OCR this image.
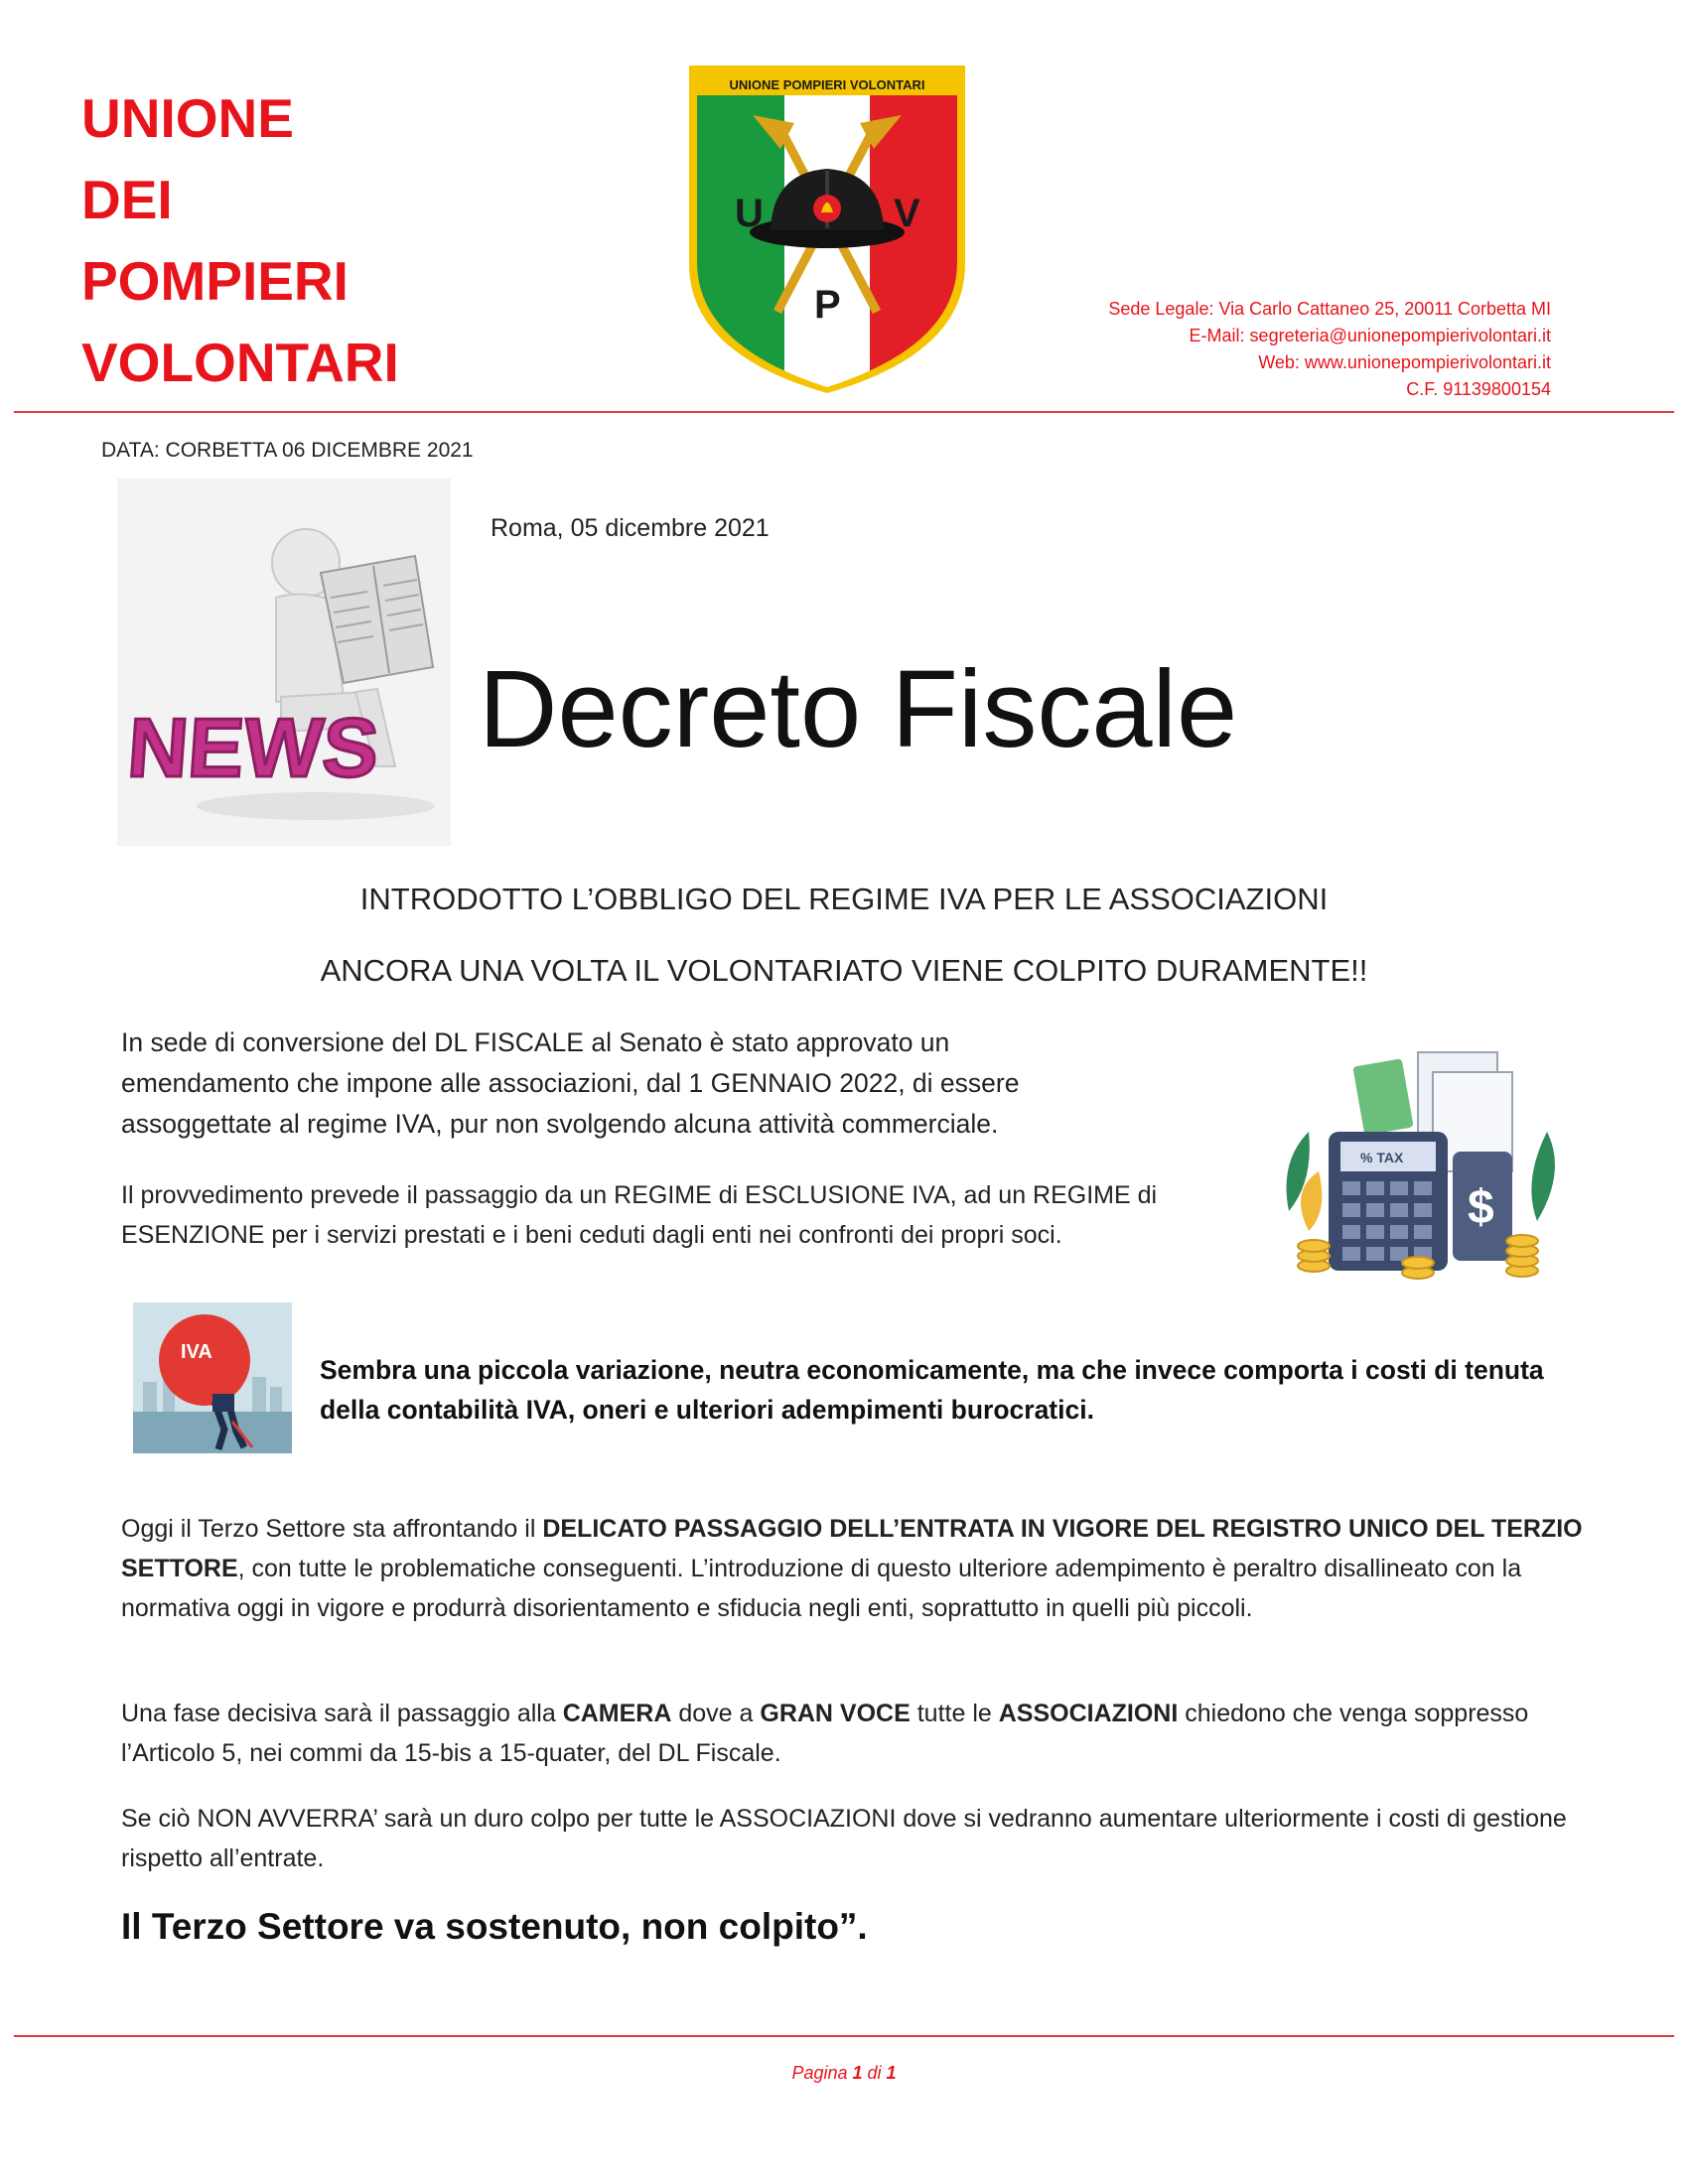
UNIONE
DEI
POMPIERI
VOLONTARI
UNIONE POMPIERI VOLONTARI
U	V
P	Sede Legale: Via Carlo Cattaneo 25, 20011 Corbetta MI
E-Mail: segreteria@unionepompierivolontari.it
Web: www.unionepompierivolontari.it
C.F. 91139800154
DATA: CORBETTA 06 DICEMBRE 2021
NEWS
Roma, 05 dicembre 2021
Decreto Fiscale
INTRODOTTO L’OBBLIGO DEL REGIME IVA PER LE ASSOCIAZIONI
ANCORA UNA VOLTA IL VOLONTARIATO VIENE COLPITO DURAMENTE!!
In sede di conversione del DL FISCALE al Senato è stato approvato un
emendamento che impone alle associazioni, dal 1 GENNAIO 2022, di essere
assoggettate al regime IVA, pur non svolgendo alcuna attività commerciale.
Il provvedimento prevede il passaggio da un REGIME di ESCLUSIONE IVA, ad un REGIME di
ESENZIONE per i servizi prestati e i beni ceduti dagli enti nei confronti dei propri soci.
% TAX
$
IVA
Sembra una piccola variazione, neutra economicamente, ma che invece comporta i costi di tenuta
della contabilità IVA, oneri e ulteriori adempimenti burocratici.
Oggi il Terzo Settore sta affrontando il DELICATO PASSAGGIO DELL’ENTRATA IN VIGORE DEL REGISTRO UNICO DEL TERZIO SETTORE, con tutte le problematiche conseguenti. L’introduzione di questo ulteriore adempimento è peraltro disallineato con la normativa oggi in vigore e produrrà disorientamento e sfiducia negli enti, soprattutto in quelli più piccoli.
Una fase decisiva sarà il passaggio alla CAMERA dove a GRAN VOCE tutte le ASSOCIAZIONI chiedono che venga soppresso l’Articolo 5, nei commi da 15-bis a 15-quater, del DL Fiscale.
Se ciò NON AVVERRA’ sarà un duro colpo per tutte le ASSOCIAZIONI dove si vedranno aumentare ulteriormente i costi di gestione rispetto all’entrate.

Il Terzo Settore va sostenuto, non colpito”.

Pagina 1 di 1
